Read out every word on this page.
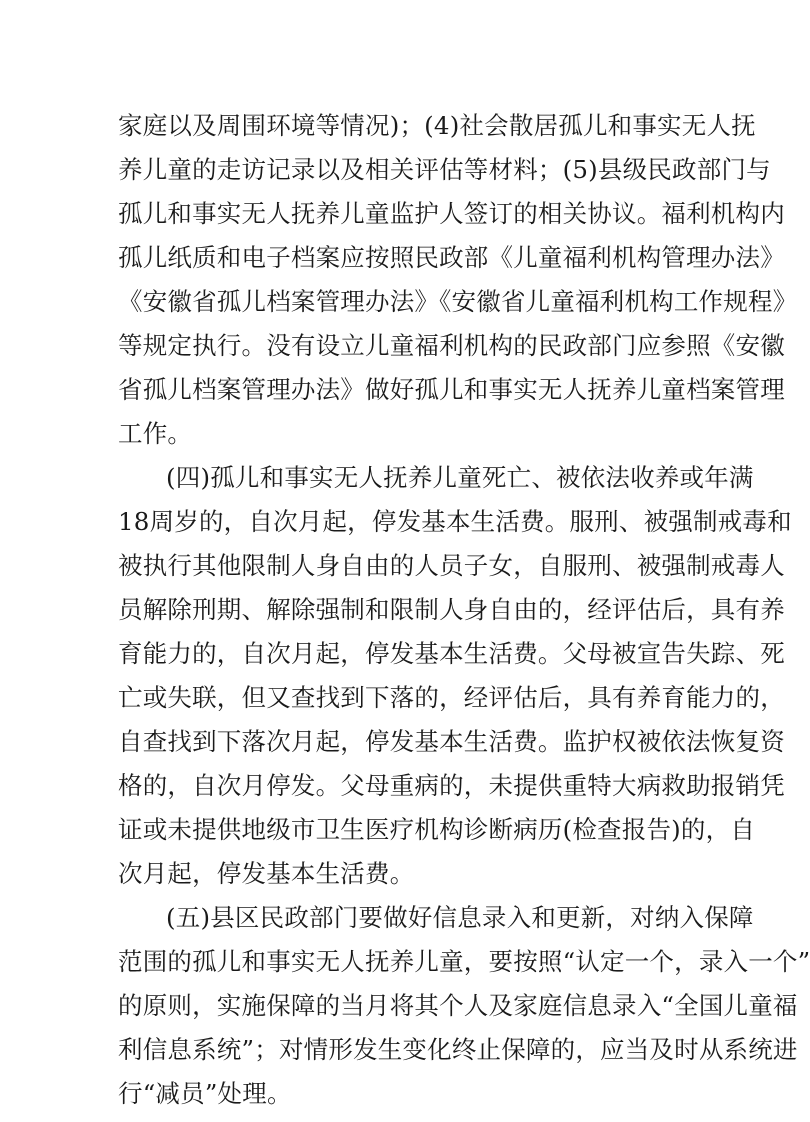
家庭以及周围环境等情况)；(4)社会散居孤儿和事实无人抚
养儿童的走访记录以及相关评估等材料；(5)县级民政部门与
孤儿和事实无人抚养儿童监护人签订的相关协议。福利机构内
孤儿纸质和电子档案应按照民政部《儿童福利机构管理办法》
《安徽省孤儿档案管理办法》《安徽省儿童福利机构工作规程》
等规定执行。没有设立儿童福利机构的民政部门应参照《安徽
省孤儿档案管理办法》做好孤儿和事实无人抚养儿童档案管理
工作。
(四)孤儿和事实无人抚养儿童死亡、被依法收养或年满
18周岁的，自次月起，停发基本生活费。服刑、被强制戒毒和
被执行其他限制人身自由的人员子女，自服刑、被强制戒毒人
员解除刑期、解除强制和限制人身自由的，经评估后，具有养
育能力的，自次月起，停发基本生活费。父母被宣告失踪、死
亡或失联，但又查找到下落的，经评估后，具有养育能力的，
自查找到下落次月起，停发基本生活费。监护权被依法恢复资
格的，自次月停发。父母重病的，未提供重特大病救助报销凭
证或未提供地级市卫生医疗机构诊断病历(检查报告)的，自
次月起，停发基本生活费。
(五)县区民政部门要做好信息录入和更新，对纳入保障
范围的孤儿和事实无人抚养儿童，要按照“认定一个，录入一个”
的原则，实施保障的当月将其个人及家庭信息录入“全国儿童福
利信息系统”；对情形发生变化终止保障的，应当及时从系统进
行“减员”处理。
